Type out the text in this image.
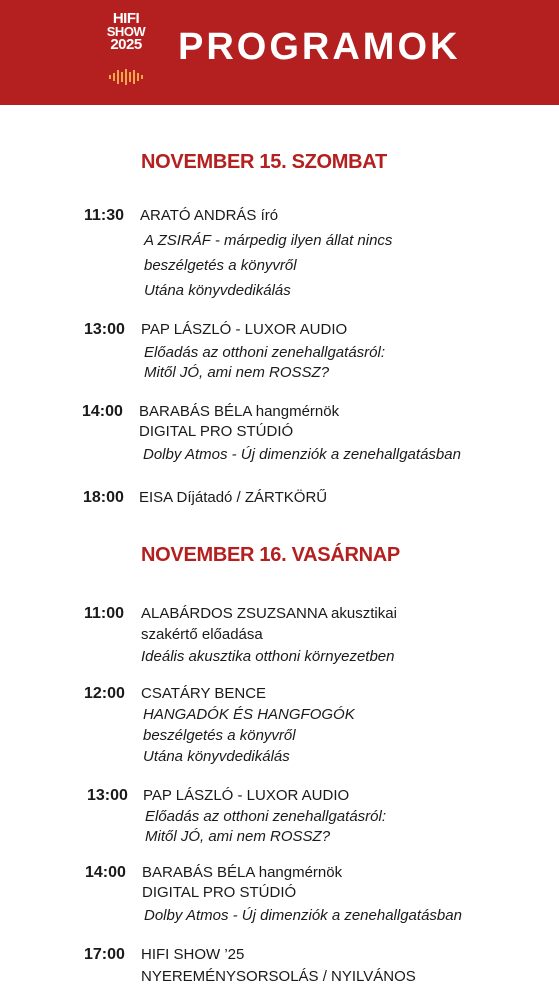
HIFI
SHOW
2025 PROGRAMOK
NOVEMBER 15. SZOMBAT
11:30 ARATÓ ANDRÁS író
A ZSIRÁF - márpedig ilyen állat nincs
beszélgetés a könyvről
Utána könyvdedikálás
13:00 PAP LÁSZLÓ - LUXOR AUDIO
Előadás az otthoni zenehallgatásról:
Mitől JÓ, ami nem ROSSZ?
14:00 BARABÁS BÉLA hangmérnök
DIGITAL PRO STÚDIÓ
Dolby Atmos - Új dimenziók a zenehallgatásban
18:00 EISA Díjátadó / ZÁRTKÖRŰ
NOVEMBER 16. VASÁRNAP
11:00 ALABÁRDOS ZSUZSANNA akusztikai
szakértő előadása
Ideális akusztika otthoni környezetben
12:00 CSATÁRY BENCE
HANGADÓK ÉS HANGFOGÓK
beszélgetés a könyvről
Utána könyvdedikálás
13:00 PAP LÁSZLÓ - LUXOR AUDIO
Előadás az otthoni zenehallgatásról:
Mitől JÓ, ami nem ROSSZ?
14:00 BARABÁS BÉLA hangmérnök
DIGITAL PRO STÚDIÓ
Dolby Atmos - Új dimenziók a zenehallgatásban
17:00 HIFI SHOW ’25
NYEREMÉNYSORSOLÁS / NYILVÁNOS
